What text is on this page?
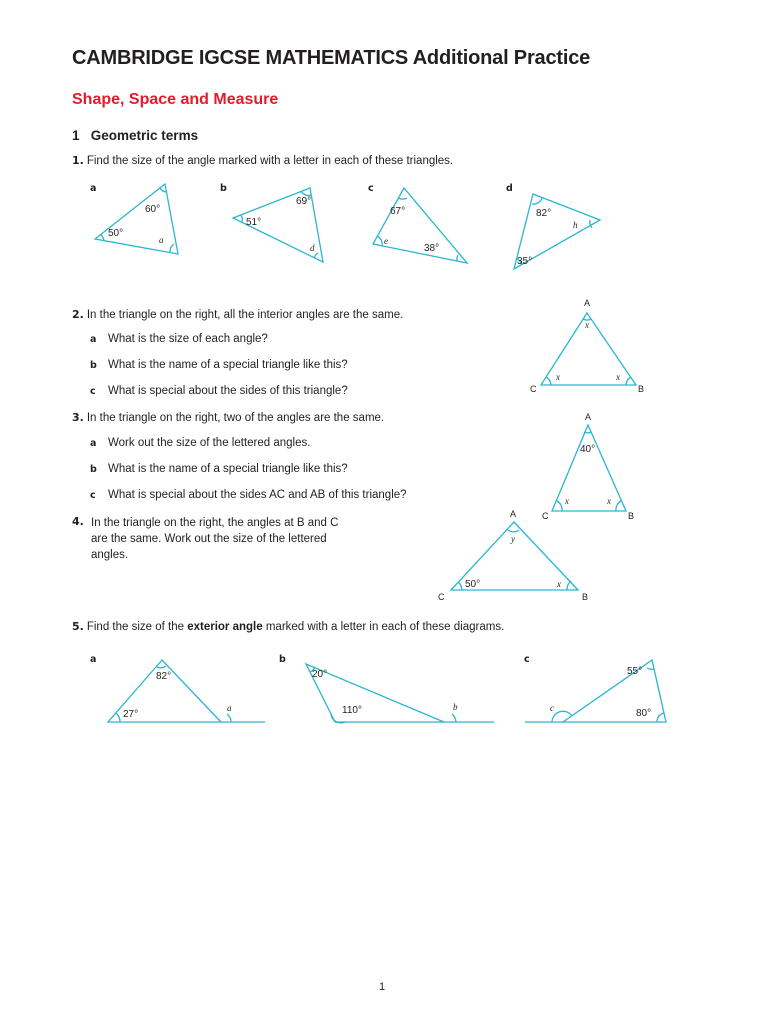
CAMBRIDGE IGCSE MATHEMATICS Additional Practice
Shape, Space and Measure
1 Geometric terms
1. Find the size of the angle marked with a letter in each of these triangles.
a	b	c	d
2. In the triangle on the right, all the interior angles are the same.
a What is the size of each angle?
b What is the name of a special triangle like this?
c What is special about the sides of this triangle?
3. In the triangle on the right, two of the angles are the same.
a Work out the size of the lettered angles.
b What is the name of a special triangle like this?
c What is special about the sides AC and AB of this triangle?
4. In the triangle on the right, the angles at B and C are the same. Work out the size of the lettered angles.
5. Find the size of the exterior angle marked with a letter in each of these diagrams.
a	b	c
1
60°
50°
a
69°
51°
d
67°
38°
e
82°
35°
h
A
C	B
x
x	x
A
C	B
40°
x	x
A
C	B
y
50°	x
82°
27°
a
20°
110°	b
55°
80°
c
